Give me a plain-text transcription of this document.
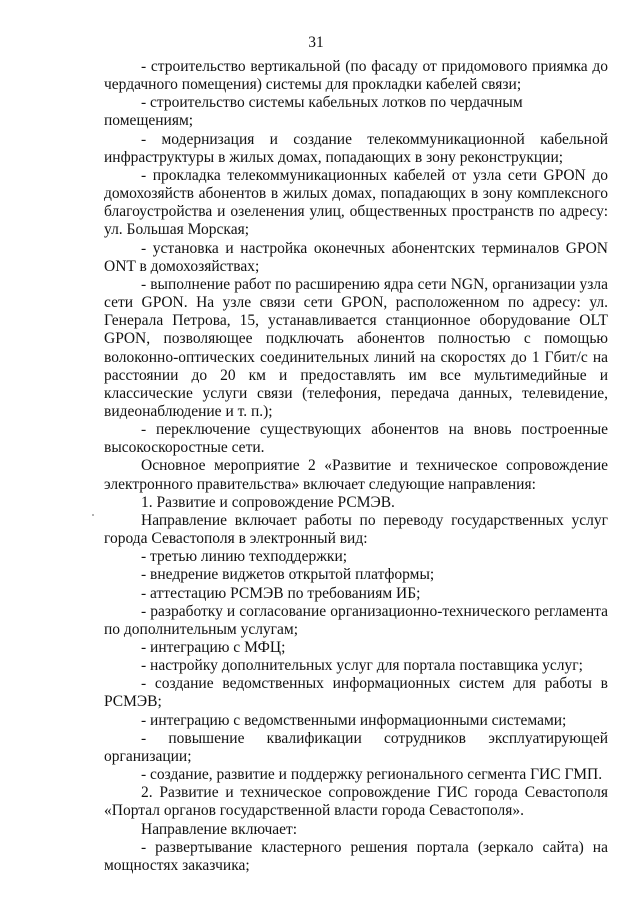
31

- строительство вертикальной (по фасаду от придомового приямка до чердачного помещения) системы для прокладки кабелей связи;

- строительство системы кабельных лотков по чердачным помещениям;

- модернизация и создание телекоммуникационной кабельной инфраструктуры в жилых домах, попадающих в зону реконструкции;

- прокладка телекоммуникационных кабелей от узла сети GPON до домохозяйств абонентов в жилых домах, попадающих в зону комплексного благоустройства и озеленения улиц, общественных пространств по адресу: ул. Большая Морская;

- установка и настройка оконечных абонентских терминалов GPON ONT в домохозяйствах;

- выполнение работ по расширению ядра сети NGN, организации узла сети GPON. На узле связи сети GPON, расположенном по адресу: ул. Генерала Петрова, 15, устанавливается станционное оборудование OLT GPON, позволяющее подключать абонентов полностью с помощью волоконно-оптических соединительных линий на скоростях до 1 Гбит/с на расстоянии до 20 км и предоставлять им все мультимедийные и классические услуги связи (телефония, передача данных, телевидение, видеонаблюдение и т. п.);

- переключение существующих абонентов на вновь построенные высокоскоростные сети.

Основное мероприятие 2 «Развитие и техническое сопровождение электронного правительства» включает следующие направления:

1. Развитие и сопровождение РСМЭВ.

Направление включает работы по переводу государственных услуг города Севастополя в электронный вид:

- третью линию техподдержки;

- внедрение виджетов открытой платформы;

- аттестацию РСМЭВ по требованиям ИБ;

- разработку и согласование организационно-технического регламента по дополнительным услугам;

- интеграцию с МФЦ;

- настройку дополнительных услуг для портала поставщика услуг;

- создание ведомственных информационных систем для работы в РСМЭВ;

- интеграцию с ведомственными информационными системами;

- повышение квалификации сотрудников эксплуатирующей организации;

- создание, развитие и поддержку регионального сегмента ГИС ГМП.

2. Развитие и техническое сопровождение ГИС города Севастополя «Портал органов государственной власти города Севастополя».

Направление включает:

- развертывание кластерного решения портала (зеркало сайта) на мощностях заказчика;
